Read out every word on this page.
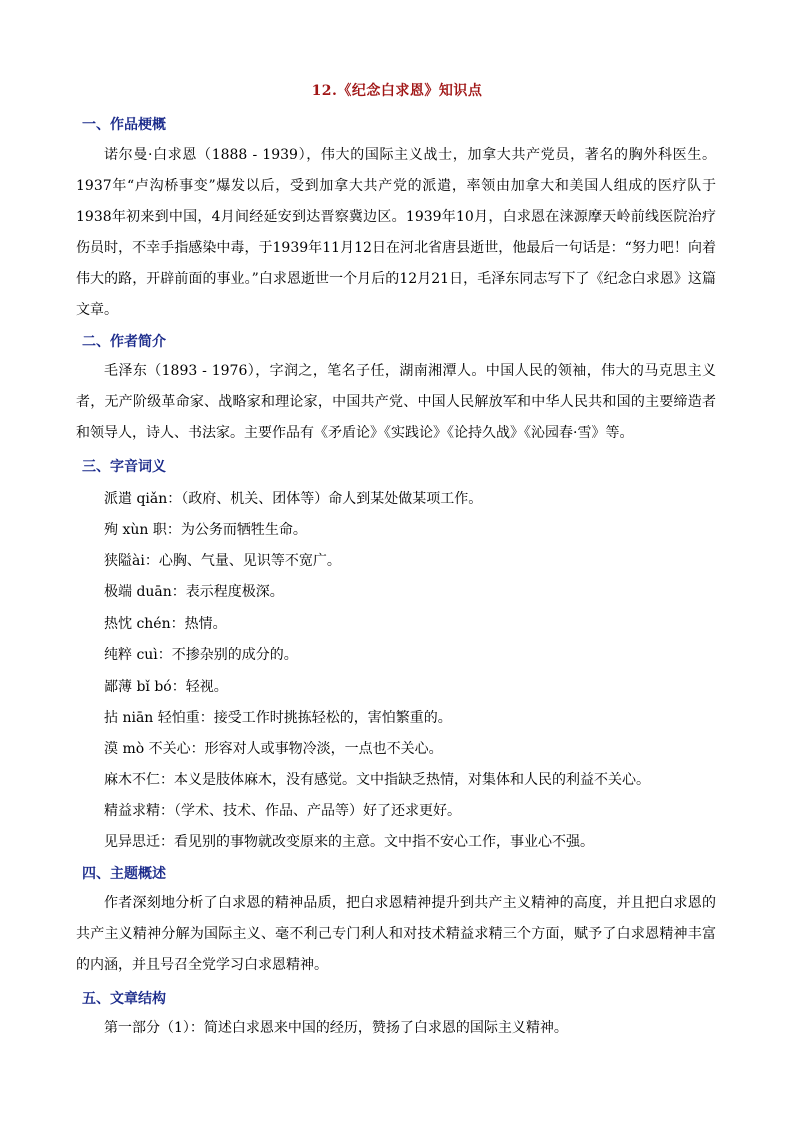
12.《纪念白求恩》知识点
一、作品梗概
诺尔曼·白求恩（1888 - 1939），伟大的国际主义战士，加拿大共产党员，著名的胸外科医生。1937年“卢沟桥事变”爆发以后，受到加拿大共产党的派遣，率领由加拿大和美国人组成的医疗队于1938年初来到中国，4月间经延安到达晋察冀边区。1939年10月，白求恩在涞源摩天岭前线医院治疗伤员时，不幸手指感染中毒，于1939年11月12日在河北省唐县逝世，他最后一句话是：“努力吧！向着伟大的路，开辟前面的事业。”白求恩逝世一个月后的12月21日，毛泽东同志写下了《纪念白求恩》这篇文章。
二、作者简介
毛泽东（1893 - 1976），字润之，笔名子任，湖南湘潭人。中国人民的领袖，伟大的马克思主义者，无产阶级革命家、战略家和理论家，中国共产党、中国人民解放军和中华人民共和国的主要缔造者和领导人，诗人、书法家。主要作品有《矛盾论》《实践论》《论持久战》《沁园春·雪》等。
三、字音词义
派遣 qiǎn：（政府、机关、团体等）命人到某处做某项工作。
殉 xùn 职：为公务而牺牲生命。
狭隘ài：心胸、气量、见识等不宽广。
极端 duān：表示程度极深。
热忱 chén：热情。
纯粹 cuì：不掺杂别的成分的。
鄙薄 bǐ bó：轻视。
拈 niān 轻怕重：接受工作时挑拣轻松的，害怕繁重的。
漠 mò 不关心：形容对人或事物冷淡，一点也不关心。
麻木不仁：本义是肢体麻木，没有感觉。文中指缺乏热情，对集体和人民的利益不关心。
精益求精：（学术、技术、作品、产品等）好了还求更好。
见异思迁：看见别的事物就改变原来的主意。文中指不安心工作，事业心不强。
四、主题概述
作者深刻地分析了白求恩的精神品质，把白求恩精神提升到共产主义精神的高度，并且把白求恩的共产主义精神分解为国际主义、毫不利己专门利人和对技术精益求精三个方面，赋予了白求恩精神丰富的内涵，并且号召全党学习白求恩精神。
五、文章结构
第一部分（1）：简述白求恩来中国的经历，赞扬了白求恩的国际主义精神。
